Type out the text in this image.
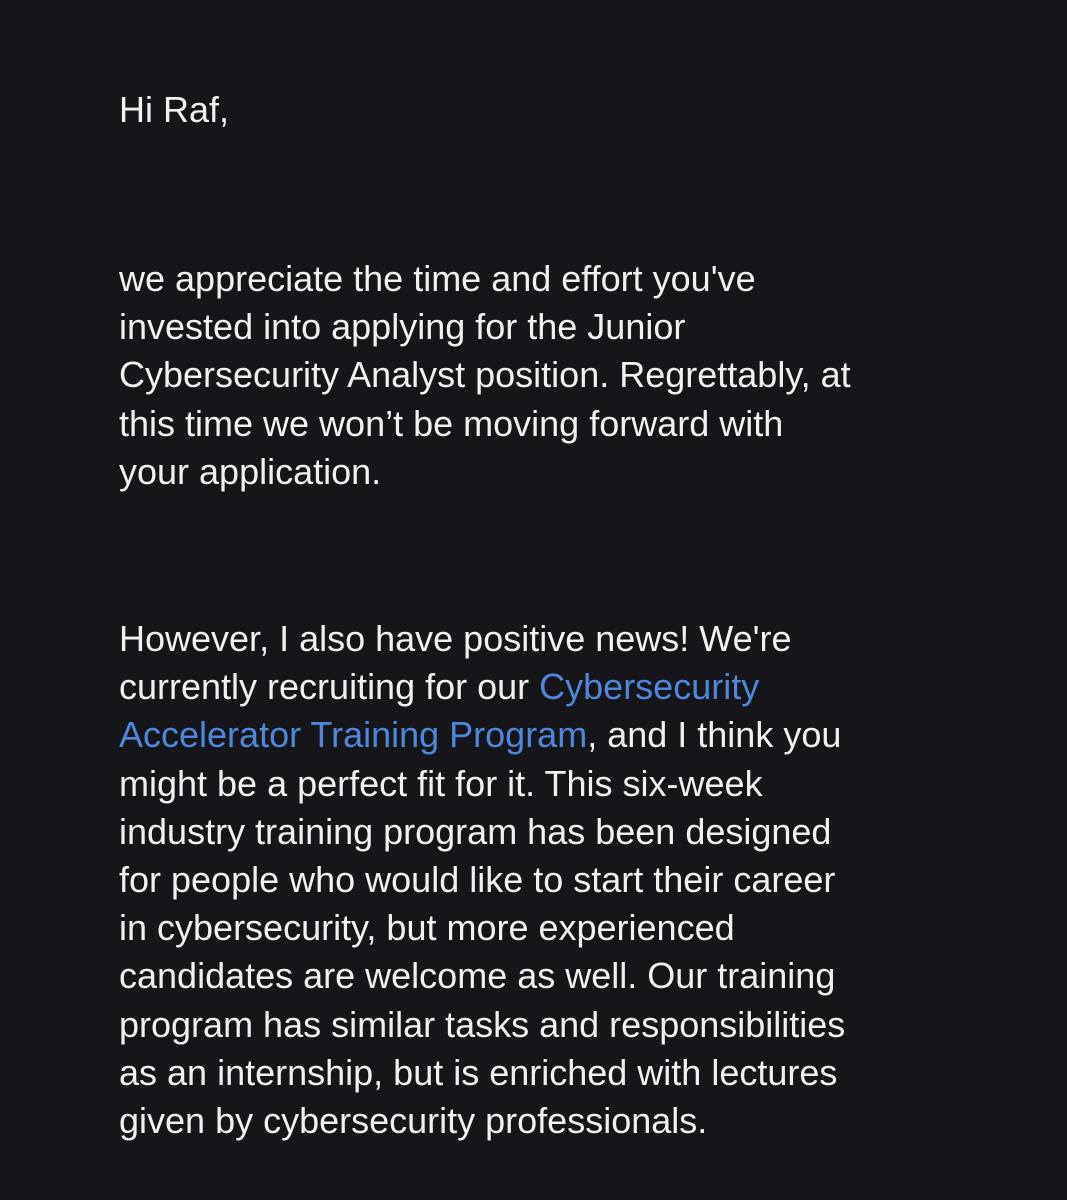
Hi Raf,

we appreciate the time and effort you've
invested into applying for the Junior
Cybersecurity Analyst position. Regrettably, at
this time we won’t be moving forward with
your application.

However, I also have positive news! We're
currently recruiting for our Cybersecurity
Accelerator Training Program, and I think you
might be a perfect fit for it. This six-week
industry training program has been designed
for people who would like to start their career
in cybersecurity, but more experienced
candidates are welcome as well. Our training
program has similar tasks and responsibilities
as an internship, but is enriched with lectures
given by cybersecurity professionals.
